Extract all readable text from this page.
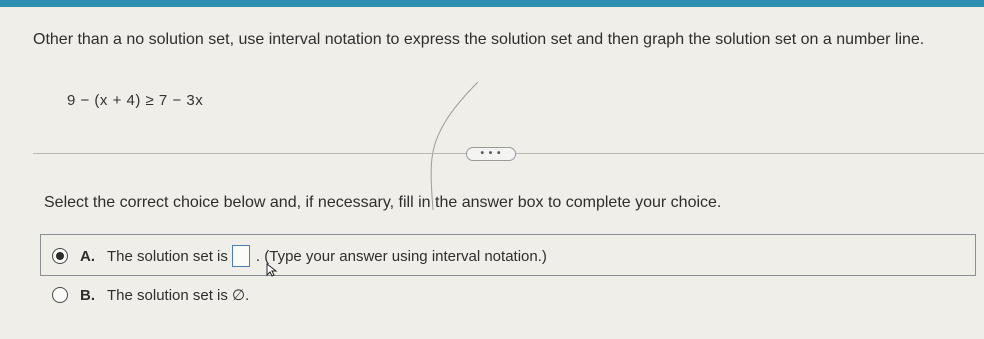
Other than a no solution set, use interval notation to express the solution set and then graph the solution set on a number line.
9 − (x + 4) ≥ 7 − 3x
• • •
Select the correct choice below and, if necessary, fill in the answer box to complete your choice.
A. The solution set is . (Type your answer using interval notation.)
B. The solution set is ∅.
